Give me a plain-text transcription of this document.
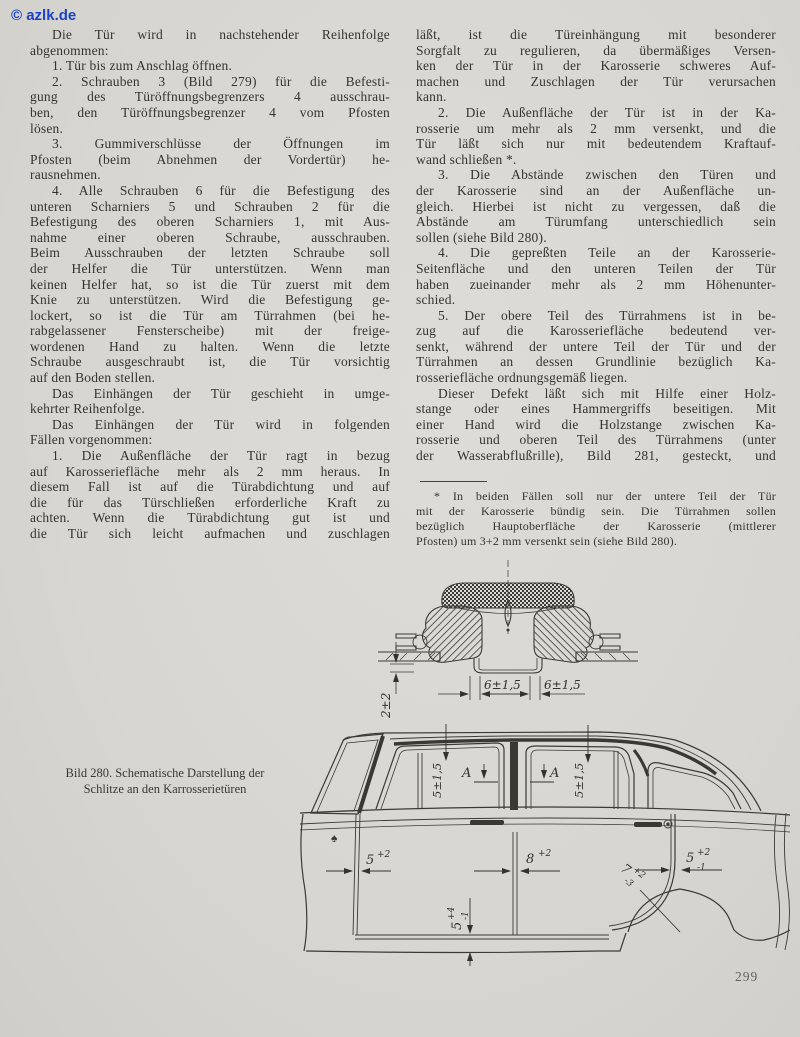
© azlk.de
Die Tür wird in nachstehender Reihenfolge
abgenommen:
1. Tür bis zum Anschlag öffnen.
2. Schrauben 3 (Bild 279) für die Befesti-
gung des Türöffnungsbegrenzers 4 ausschrau-
ben, den Türöffnungsbegrenzer 4 vom Pfosten
lösen.
3. Gummiverschlüsse der Öffnungen im
Pfosten (beim Abnehmen der Vordertür) he-
rausnehmen.
4. Alle Schrauben 6 für die Befestigung des
unteren Scharniers 5 und Schrauben 2 für die
Befestigung des oberen Scharniers 1, mit Aus-
nahme einer oberen Schraube, ausschrauben.
Beim Ausschrauben der letzten Schraube soll
der Helfer die Tür unterstützen. Wenn man
keinen Helfer hat, so ist die Tür zuerst mit dem
Knie zu unterstützen. Wird die Befestigung ge-
lockert, so ist die Tür am Türrahmen (bei he-
rabgelassener Fensterscheibe) mit der freige-
wordenen Hand zu halten. Wenn die letzte
Schraube ausgeschraubt ist, die Tür vorsichtig
auf den Boden stellen.
Das Einhängen der Tür geschieht in umge-
kehrter Reihenfolge.
Das Einhängen der Tür wird in folgenden
Fällen vorgenommen:
1. Die Außenfläche der Tür ragt in bezug
auf Karosseriefläche mehr als 2 mm heraus. In
diesem Fall ist auf die Türabdichtung und auf
die für das Türschließen erforderliche Kraft zu
achten. Wenn die Türabdichtung gut ist und
die Tür sich leicht aufmachen und zuschlagen
läßt, ist die Türeinhängung mit besonderer
Sorgfalt zu regulieren, da übermäßiges Versen-
ken der Tür in der Karosserie schweres Auf-
machen und Zuschlagen der Tür verursachen
kann.
2. Die Außenfläche der Tür ist in der Ka-
rosserie um mehr als 2 mm versenkt, und die
Tür läßt sich nur mit bedeutendem Kraftauf-
wand schließen *.
3. Die Abstände zwischen den Türen und
der Karosserie sind an der Außenfläche un-
gleich. Hierbei ist nicht zu vergessen, daß die
Abstände am Türumfang unterschiedlich sein
sollen (siehe Bild 280).
4. Die gepreßten Teile an der Karosserie-
Seitenfläche und den unteren Teilen der Tür
haben zueinander mehr als 2 mm Höhenunter-
schied.
5. Der obere Teil des Türrahmens ist in be-
zug auf die Karosseriefläche bedeutend ver-
senkt, während der untere Teil der Tür und der
Türrahmen an dessen Grundlinie bezüglich Ka-
rosseriefläche ordnungsgemäß liegen.
Dieser Defekt läßt sich mit Hilfe einer Holz-
stange oder eines Hammergriffs beseitigen. Mit
einer Hand wird die Holzstange zwischen Ka-
rosserie und oberen Teil des Türrahmens (unter
der Wasserabflußrille), Bild 281, gesteckt, und
* In beiden Fällen soll nur der untere Teil der Tür
mit der Karosserie bündig sein. Die Türrahmen sollen
bezüglich Hauptoberfläche der Karosserie (mittlerer
Pfosten) um 3+2 mm versenkt sein (siehe Bild 280).
Bild 280. Schematische Darstellung der
Schlitze an den Karrosserietüren
6±1,5 6±1,5
2±2
♠
5±1,5	5±1,5
A	A
5 +2	8 +2	5 +2
-1
7
+2
-3
5
+4 -1
299
